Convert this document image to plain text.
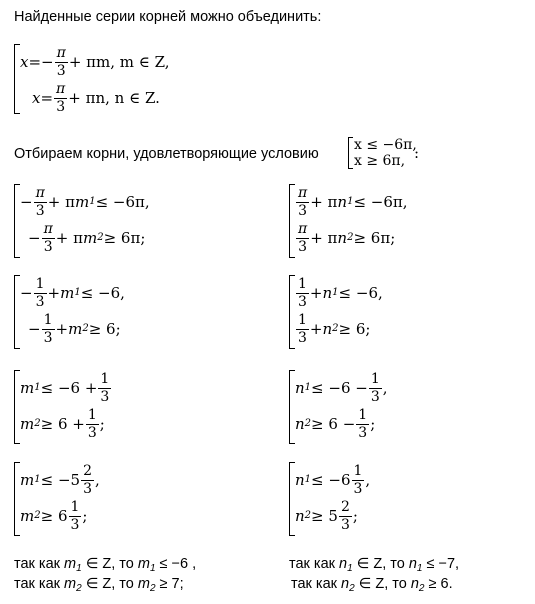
Найденные серии корней можно объединить:
x = − $\frac{\pi}{3} + \pi m$, m ∈ Z,
$x = \frac{\pi}{3} + \pi n$, n ∈ Z.
Отбираем корни, удовлетворяющие условию
x ≤ −6π,
x ≥ 6π, :
− $\frac{\pi}{3} + \pi$ m 1 ≤ −6π,
− $\frac{\pi}{3} + \pi$ m 2 ≥ 6π;
$\frac{\pi}{3} + \pi$ n 1 ≤ −6π,
$\frac{\pi}{3} + \pi$ n 2 ≥ 6π;
− $\frac{1}{3} + m$ 1 ≤ −6,
− $\frac{1}{3} + m$ 2 ≥ 6;
$\frac{1}{3} + n$ 1 ≤ −6,
$\frac{1}{3} + n$ 2 ≥ 6;
m $1 \le -6 + \frac{1}{3}$
m $2 \ge 6 + \frac{1}{3}$ ;
n $1 \le -6 - \frac{1}{3}$ ,
n $2 \ge 6 - \frac{1}{3}$ ;
m $1 \le -5 \frac{2}{3}$ ,
m $2 \ge 6 \frac{1}{3}$ ;
n $1 \le -6 \frac{1}{3}$ ,
n $2 \ge 5 \frac{2}{3}$ ;
так как $m_1$ ∈ Z, то $m_1 \le -6$ ,
так как $m_2$ ∈ Z, то $m_2 \ge 7$;
так как $n_1$ ∈ Z, то $n_1 \le -7$,
так как $n_2$ ∈ Z, то $n_2 \ge 6$.
